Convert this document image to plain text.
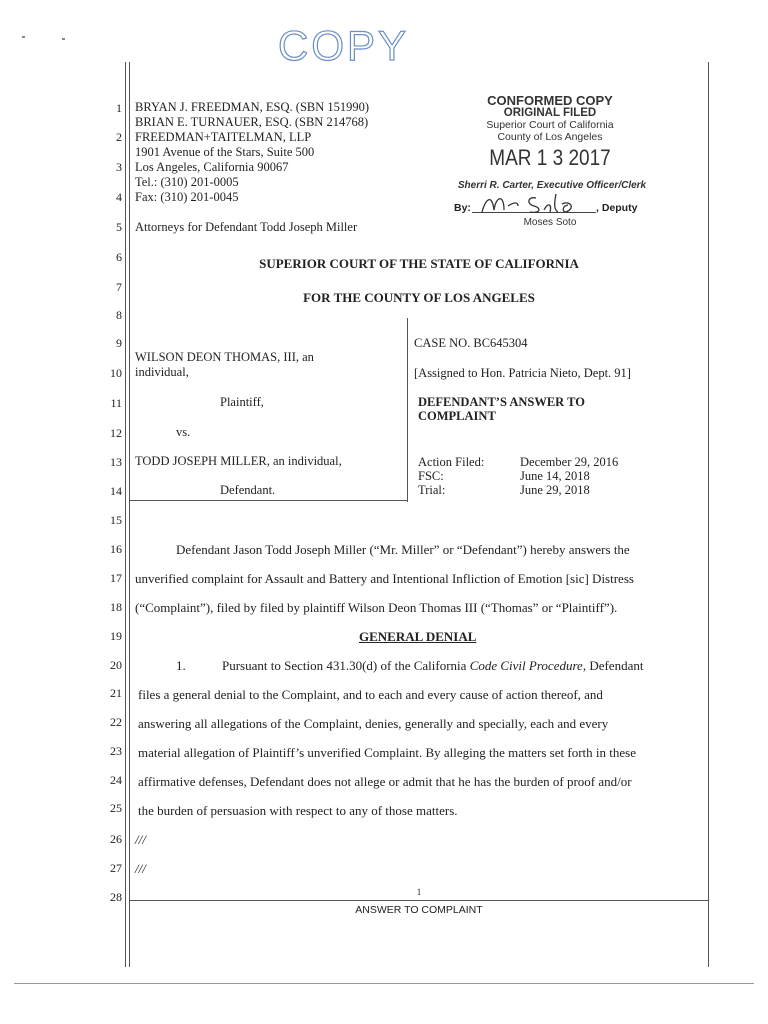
COPY
1
2
3
4
5
6
7
8
9
10
11
12
13
14
15
16
17
18
19
20
21
22
23
24
25
26
27
28
BRYAN J. FREEDMAN, ESQ. (SBN 151990)
BRIAN E. TURNAUER, ESQ. (SBN 214768)
FREEDMAN+TAITELMAN, LLP
1901 Avenue of the Stars, Suite 500
Los Angeles, California 90067
Tel.: (310) 201-0005
Fax: (310) 201-0045
Attorneys for Defendant Todd Joseph Miller
CONFORMED COPY
ORIGINAL FILED
Superior Court of California
County of Los Angeles
MAR 1 3 2017
Sherri R. Carter, Executive Officer/Clerk
By:	, Deputy
Moses Soto
SUPERIOR COURT OF THE STATE OF CALIFORNIA
FOR THE COUNTY OF LOS ANGELES
WILSON DEON THOMAS, III, an
individual,
Plaintiff,
vs.
TODD JOSEPH MILLER, an individual,
Defendant.
CASE NO. BC645304
[Assigned to Hon. Patricia Nieto, Dept. 91]
DEFENDANT’S ANSWER TO
COMPLAINT
Action Filed:	December 29, 2016
FSC:	June 14, 2018
Trial:	June 29, 2018
Defendant Jason Todd Joseph Miller (“Mr. Miller” or “Defendant”) hereby answers the
unverified complaint for Assault and Battery and Intentional Infliction of Emotion [sic] Distress
(“Complaint”), filed by filed by plaintiff Wilson Deon Thomas III (“Thomas” or “Plaintiff”).
GENERAL DENIAL
1.	Pursuant to Section 431.30(d) of the California Code Civil Procedure, Defendant
files a general denial to the Complaint, and to each and every cause of action thereof, and
answering all allegations of the Complaint, denies, generally and specially, each and every
material allegation of Plaintiff’s unverified Complaint. By alleging the matters set forth in these
affirmative defenses, Defendant does not allege or admit that he has the burden of proof and/or
the burden of persuasion with respect to any of those matters.
///
///
1
ANSWER TO COMPLAINT
